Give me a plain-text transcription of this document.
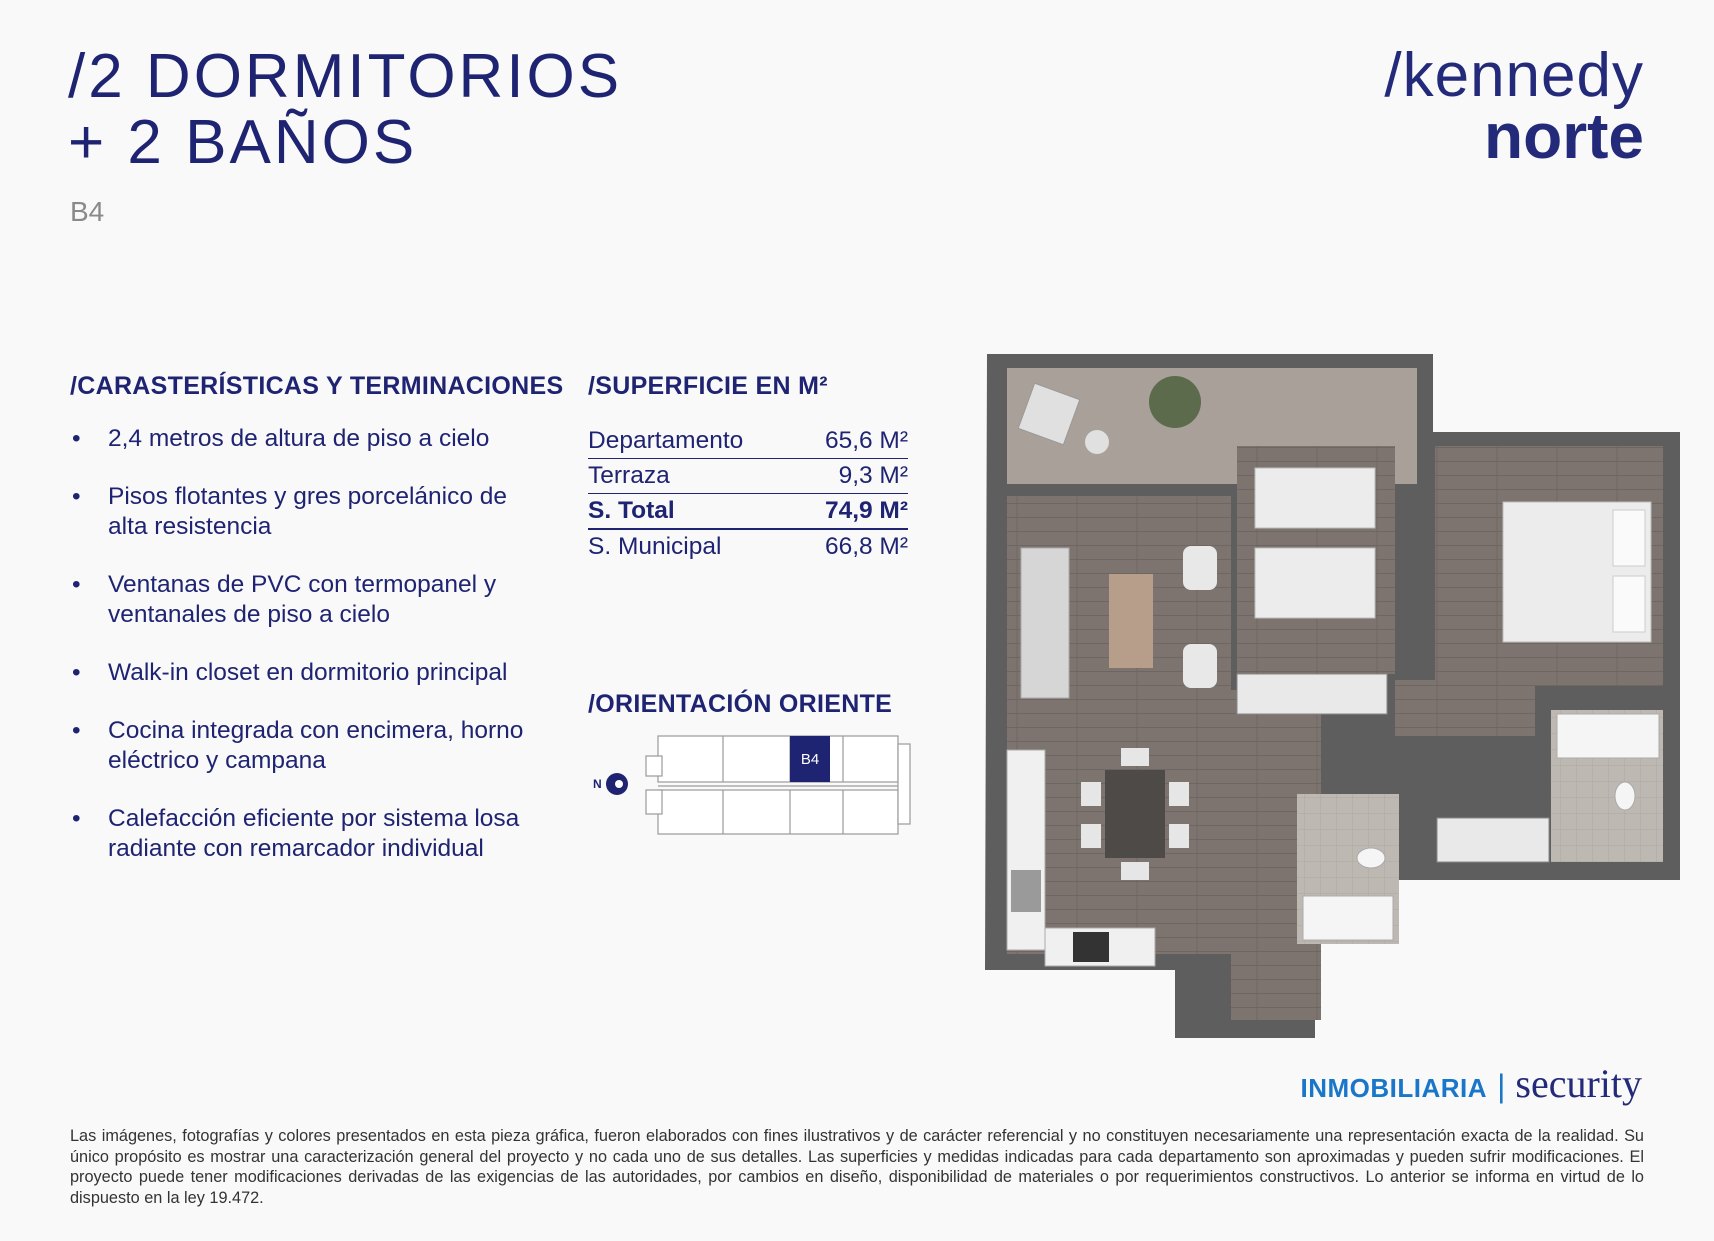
/2 DORMITORIOS
+ 2 BAÑOS
B4
/kennedy
norte
/CARASTERÍSTICAS Y TERMINACIONES
• 2,4 metros de altura de piso a cielo
• Pisos flotantes y gres porcelánico de alta resistencia
• Ventanas de PVC con termopanel y ventanales de piso a cielo
• Walk-in closet en dormitorio principal
• Cocina integrada con encimera, horno eléctrico y campana
• Calefacción eficiente por sistema losa radiante con remarcador individual
/SUPERFICIE EN M²
Departamento	65,6 M²
Terraza	9,3 M²
S. Total	74,9 M²
S. Municipal	66,8 M²
/ORIENTACIÓN ORIENTE
N
B4
INMOBILIARIA | security
Las imágenes, fotografías y colores presentados en esta pieza gráfica, fueron elaborados con fines ilustrativos y de carácter referencial y no constituyen necesariamente una representación exacta de la realidad. Su único propósito es mostrar una caracterización general del proyecto y no cada uno de sus detalles. Las superficies y medidas indicadas para cada departamento son aproximadas y pueden sufrir modificaciones. El proyecto puede tener modificaciones derivadas de las exigencias de las autoridades, por cambios en diseño, disponibilidad de materiales o por requerimientos constructivos. Lo anterior se informa en virtud de lo dispuesto en la ley 19.472.
